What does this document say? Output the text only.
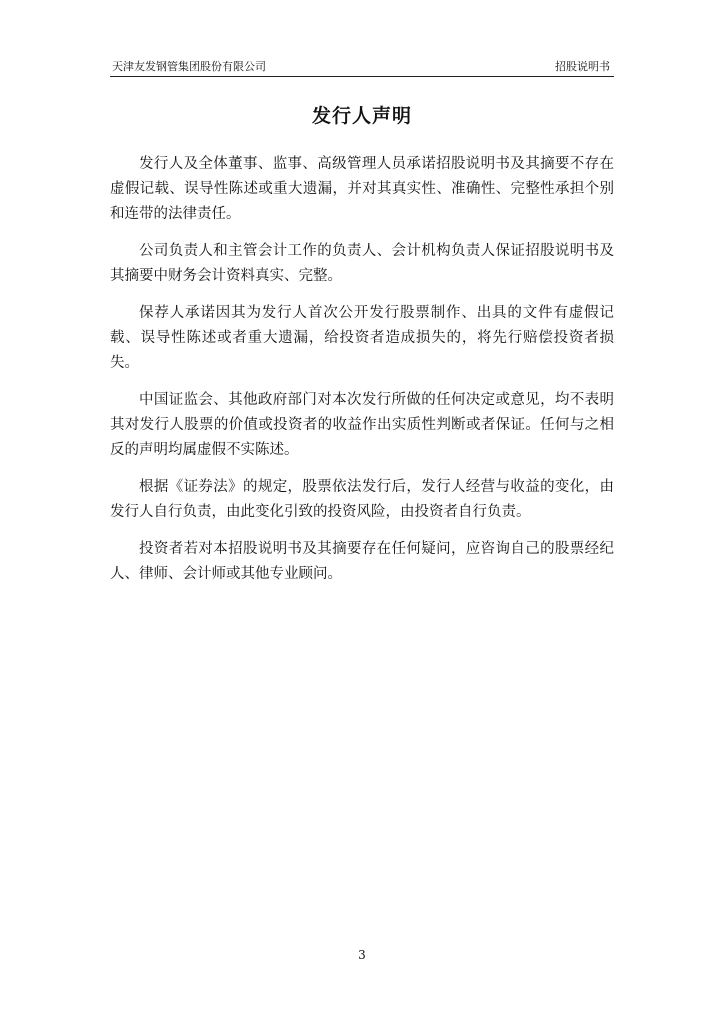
天津友发钢管集团股份有限公司	招股说明书
发行人声明

发行人及全体董事、监事、高级管理人员承诺招股说明书及其摘要不存在虚假记载、误导性陈述或重大遗漏，并对其真实性、准确性、完整性承担个别和连带的法律责任。

公司负责人和主管会计工作的负责人、会计机构负责人保证招股说明书及其摘要中财务会计资料真实、完整。

保荐人承诺因其为发行人首次公开发行股票制作、出具的文件有虚假记载、误导性陈述或者重大遗漏，给投资者造成损失的，将先行赔偿投资者损失。

中国证监会、其他政府部门对本次发行所做的任何决定或意见，均不表明其对发行人股票的价值或投资者的收益作出实质性判断或者保证。任何与之相反的声明均属虚假不实陈述。

根据《证券法》的规定，股票依法发行后，发行人经营与收益的变化，由发行人自行负责，由此变化引致的投资风险，由投资者自行负责。

投资者若对本招股说明书及其摘要存在任何疑问，应咨询自己的股票经纪人、律师、会计师或其他专业顾问。

3
